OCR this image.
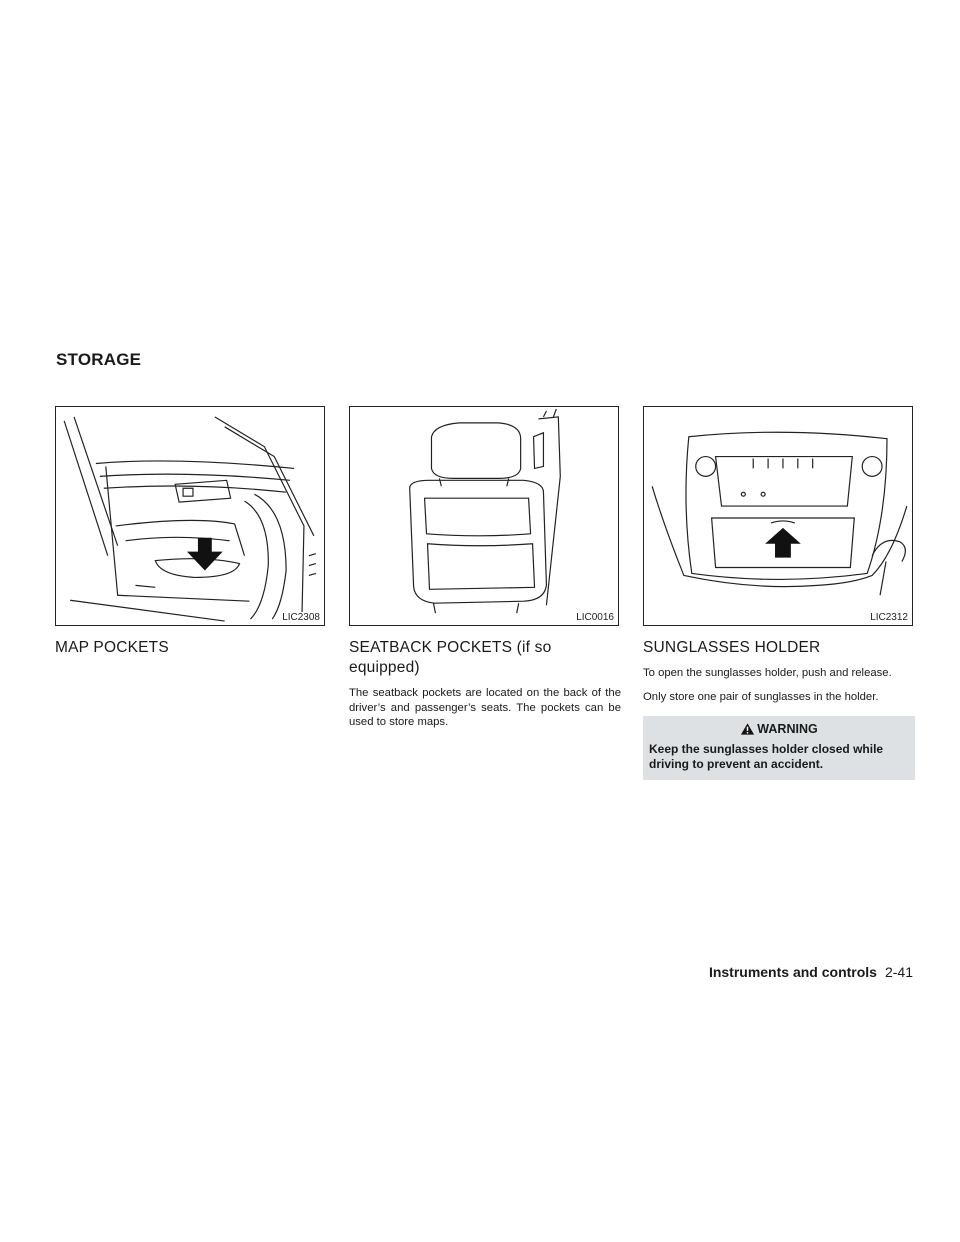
STORAGE
LIC2308
MAP POCKETS
LIC0016
SEATBACK POCKETS (if so equipped)

The seatback pockets are located on the back of the driver’s and passenger’s seats. The pockets can be used to store maps.

LIC2312
SUNGLASSES HOLDER

To open the sunglasses holder, push and release.

Only store one pair of sunglasses in the holder.

WARNING
Keep the sunglasses holder closed while driving to prevent an accident.
Instruments and controls 2-41
